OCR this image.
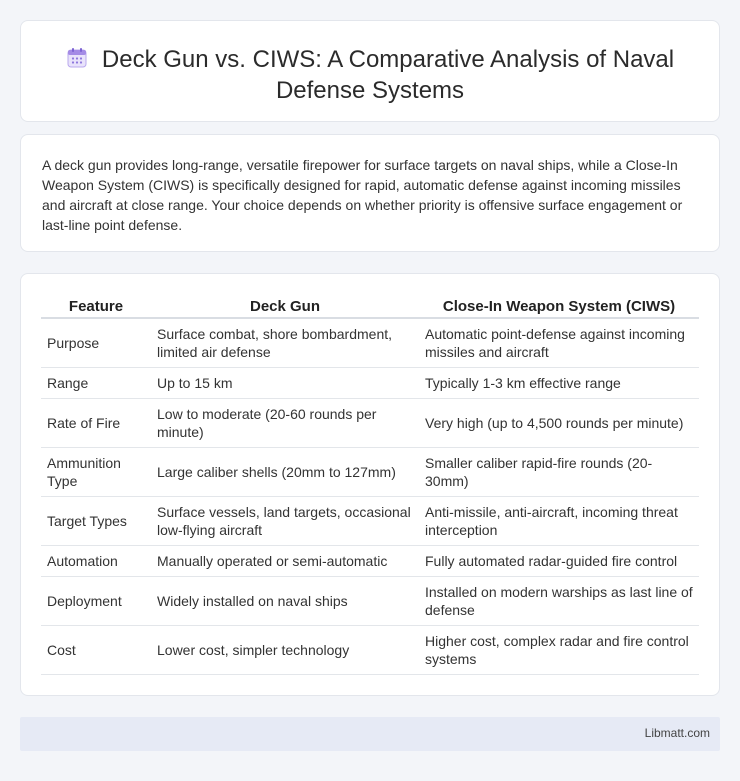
Deck Gun vs. CIWS: A Comparative Analysis of Naval Defense Systems

A deck gun provides long-range, versatile firepower for surface targets on naval ships, while a Close-In Weapon System (CIWS) is specifically designed for rapid, automatic defense against incoming missiles and aircraft at close range. Your choice depends on whether priority is offensive surface engagement or last-line point defense.

Feature	Deck Gun	Close-In Weapon System (CIWS)
Purpose	Surface combat, shore bombardment, limited air defense	Automatic point-defense against incoming missiles and aircraft
Range	Up to 15 km	Typically 1-3 km effective range
Rate of Fire	Low to moderate (20-60 rounds per minute)	Very high (up to 4,500 rounds per minute)
Ammunition Type	Large caliber shells (20mm to 127mm)	Smaller caliber rapid-fire rounds (20-30mm)
Target Types	Surface vessels, land targets, occasional low-flying aircraft	Anti-missile, anti-aircraft, incoming threat interception
Automation	Manually operated or semi-automatic	Fully automated radar-guided fire control
Deployment	Widely installed on naval ships	Installed on modern warships as last line of defense
Cost	Lower cost, simpler technology	Higher cost, complex radar and fire control systems
Libmatt.com
